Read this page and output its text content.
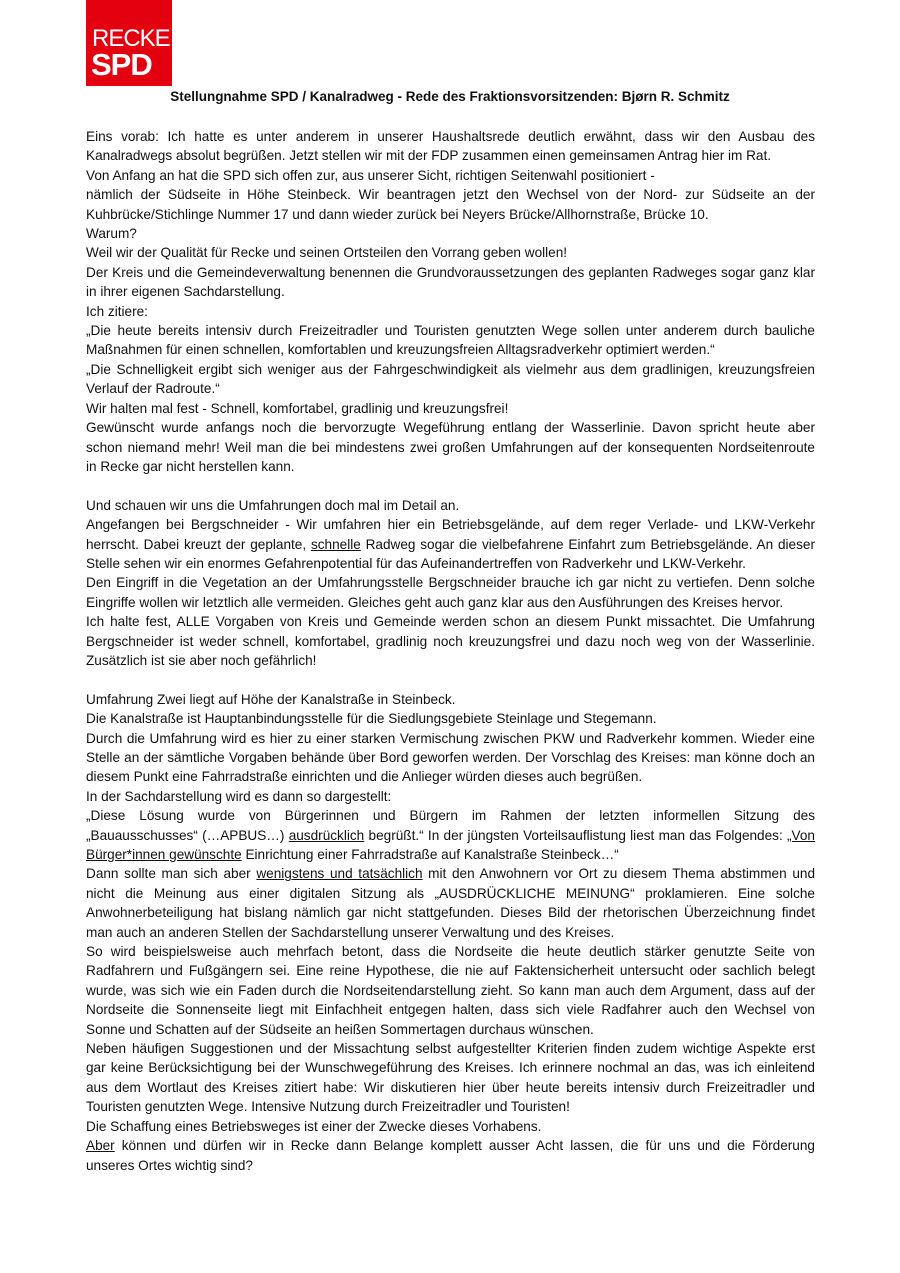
RECKE
SPD
Stellungnahme SPD / Kanalradweg - Rede des Fraktionsvorsitzenden: Bjørn R. Schmitz

Eins vorab: Ich hatte es unter anderem in unserer Haushaltsrede deutlich erwähnt, dass wir den Ausbau des

Kanalradwegs absolut begrüßen. Jetzt stellen wir mit der FDP zusammen einen gemeinsamen Antrag hier im Rat.

Von Anfang an hat die SPD sich offen zur, aus unserer Sicht, richtigen Seitenwahl positioniert -

nämlich der Südseite in Höhe Steinbeck. Wir beantragen jetzt den Wechsel von der Nord- zur Südseite an der

Kuhbrücke/Stichlinge Nummer 17 und dann wieder zurück bei Neyers Brücke/Allhornstraße, Brücke 10.

Warum?

Weil wir der Qualität für Recke und seinen Ortsteilen den Vorrang geben wollen!

Der Kreis und die Gemeindeverwaltung benennen die Grundvoraussetzungen des geplanten Radweges sogar ganz klar

in ihrer eigenen Sachdarstellung.

Ich zitiere:

„Die heute bereits intensiv durch Freizeitradler und Touristen genutzten Wege sollen unter anderem durch bauliche

Maßnahmen für einen schnellen, komfortablen und kreuzungsfreien Alltagsradverkehr optimiert werden.“

„Die Schnelligkeit ergibt sich weniger aus der Fahrgeschwindigkeit als vielmehr aus dem gradlinigen, kreuzungsfreien

Verlauf der Radroute.“

Wir halten mal fest - Schnell, komfortabel, gradlinig und kreuzungsfrei!

Gewünscht wurde anfangs noch die bervorzugte Wegeführung entlang der Wasserlinie. Davon spricht heute aber

schon niemand mehr! Weil man die bei mindestens zwei großen Umfahrungen auf der konsequenten Nordseitenroute

in Recke gar nicht herstellen kann.

Und schauen wir uns die Umfahrungen doch mal im Detail an.

Angefangen bei Bergschneider - Wir umfahren hier ein Betriebsgelände, auf dem reger Verlade- und LKW-Verkehr

herrscht. Dabei kreuzt der geplante, schnelle Radweg sogar die vielbefahrene Einfahrt zum Betriebsgelände. An dieser

Stelle sehen wir ein enormes Gefahrenpotential für das Aufeinandertreffen von Radverkehr und LKW-Verkehr.

Den Eingriff in die Vegetation an der Umfahrungsstelle Bergschneider brauche ich gar nicht zu vertiefen. Denn solche

Eingriffe wollen wir letztlich alle vermeiden. Gleiches geht auch ganz klar aus den Ausführungen des Kreises hervor.

Ich halte fest, ALLE Vorgaben von Kreis und Gemeinde werden schon an diesem Punkt missachtet. Die Umfahrung

Bergschneider ist weder schnell, komfortabel, gradlinig noch kreuzungsfrei und dazu noch weg von der Wasserlinie.

Zusätzlich ist sie aber noch gefährlich!

Umfahrung Zwei liegt auf Höhe der Kanalstraße in Steinbeck.

Die Kanalstraße ist Hauptanbindungsstelle für die Siedlungsgebiete Steinlage und Stegemann.

Durch die Umfahrung wird es hier zu einer starken Vermischung zwischen PKW und Radverkehr kommen. Wieder eine

Stelle an der sämtliche Vorgaben behände über Bord geworfen werden. Der Vorschlag des Kreises: man könne doch an

diesem Punkt eine Fahrradstraße einrichten und die Anlieger würden dieses auch begrüßen.

In der Sachdarstellung wird es dann so dargestellt:

„Diese Lösung wurde von Bürgerinnen und Bürgern im Rahmen der letzten informellen Sitzung des

„Bauausschusses“ (…APBUS…) ausdrücklich begrüßt.“ In der jüngsten Vorteilsauflistung liest man das Folgendes: „Von

Bürger*innen gewünschte Einrichtung einer Fahrradstraße auf Kanalstraße Steinbeck…“

Dann sollte man sich aber wenigstens und tatsächlich mit den Anwohnern vor Ort zu diesem Thema abstimmen und

nicht die Meinung aus einer digitalen Sitzung als „AUSDRÜCKLICHE MEINUNG“ proklamieren. Eine solche

Anwohnerbeteiligung hat bislang nämlich gar nicht stattgefunden. Dieses Bild der rhetorischen Überzeichnung findet

man auch an anderen Stellen der Sachdarstellung unserer Verwaltung und des Kreises.

So wird beispielsweise auch mehrfach betont, dass die Nordseite die heute deutlich stärker genutzte Seite von

Radfahrern und Fußgängern sei. Eine reine Hypothese, die nie auf Faktensicherheit untersucht oder sachlich belegt

wurde, was sich wie ein Faden durch die Nordseitendarstellung zieht. So kann man auch dem Argument, dass auf der

Nordseite die Sonnenseite liegt mit Einfachheit entgegen halten, dass sich viele Radfahrer auch den Wechsel von

Sonne und Schatten auf der Südseite an heißen Sommertagen durchaus wünschen.

Neben häufigen Suggestionen und der Missachtung selbst aufgestellter Kriterien finden zudem wichtige Aspekte erst

gar keine Berücksichtigung bei der Wunschwegeführung des Kreises. Ich erinnere nochmal an das, was ich einleitend

aus dem Wortlaut des Kreises zitiert habe: Wir diskutieren hier über heute bereits intensiv durch Freizeitradler und

Touristen genutzten Wege. Intensive Nutzung durch Freizeitradler und Touristen!

Die Schaffung eines Betriebsweges ist einer der Zwecke dieses Vorhabens.

Aber können und dürfen wir in Recke dann Belange komplett ausser Acht lassen, die für uns und die Förderung

unseres Ortes wichtig sind?
